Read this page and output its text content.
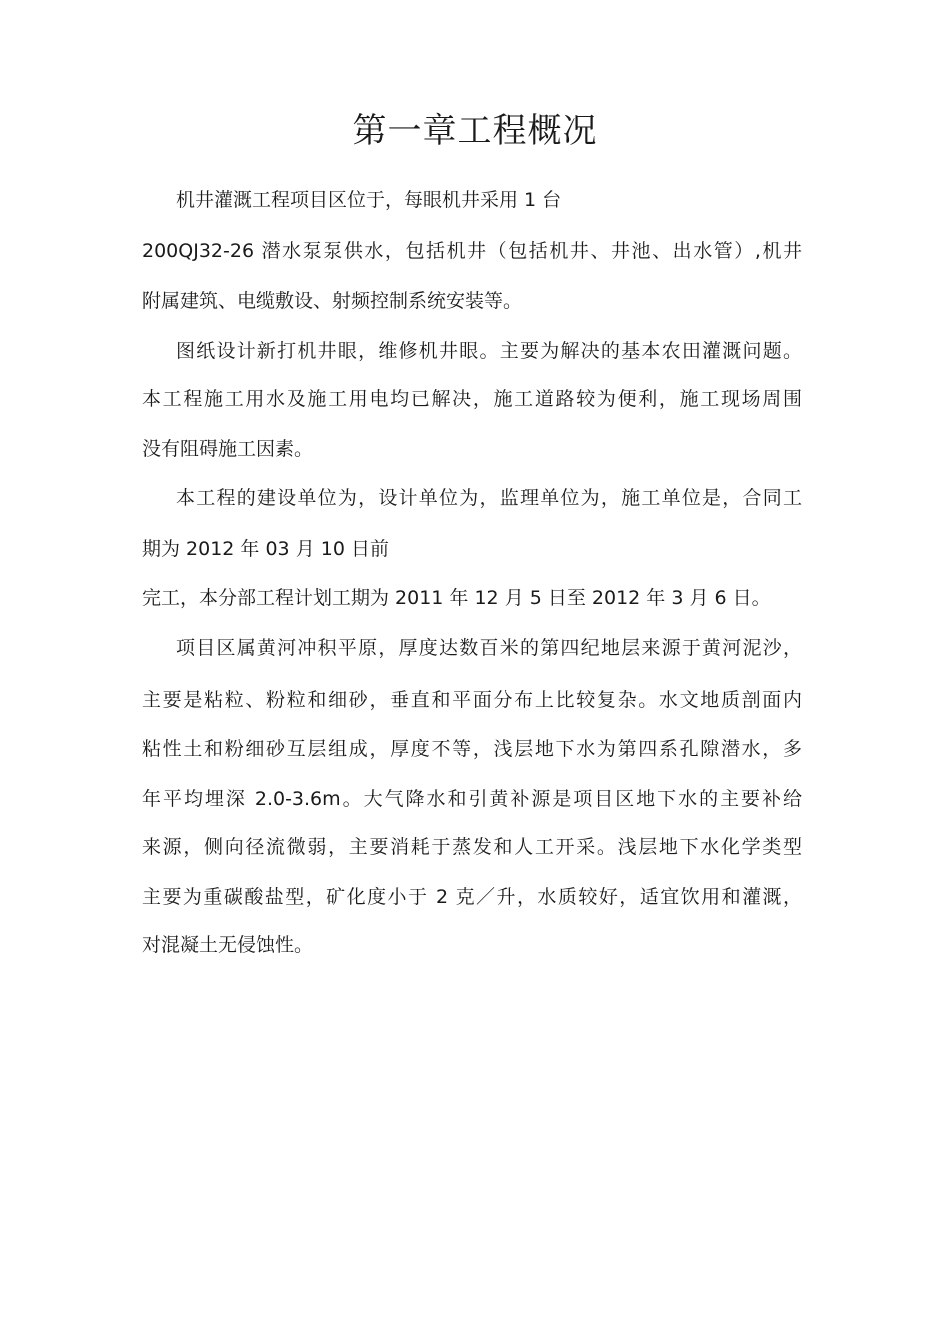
第一章工程概况

机井灌溉工程项目区位于，每眼机井采用 1 台

200QJ32-26 潜水泵泵供水，包括机井（包括机井、井池、出水管）,机井

附属建筑、电缆敷设、射频控制系统安装等。

图纸设计新打机井眼，维修机井眼。主要为解决的基本农田灌溉问题。

本工程施工用水及施工用电均已解决，施工道路较为便利，施工现场周围

没有阻碍施工因素。

本工程的建设单位为，设计单位为，监理单位为，施工单位是，合同工

期为 2012 年 03 月 10 日前

完工，本分部工程计划工期为 2011 年 12 月 5 日至 2012 年 3 月 6 日。

项目区属黄河冲积平原，厚度达数百米的第四纪地层来源于黄河泥沙，

主要是粘粒、粉粒和细砂，垂直和平面分布上比较复杂。水文地质剖面内

粘性土和粉细砂互层组成，厚度不等，浅层地下水为第四系孔隙潜水，多

年平均埋深 2.0-3.6m。大气降水和引黄补源是项目区地下水的主要补给

来源，侧向径流微弱，主要消耗于蒸发和人工开采。浅层地下水化学类型

主要为重碳酸盐型，矿化度小于 2 克／升，水质较好，适宜饮用和灌溉，

对混凝土无侵蚀性。
